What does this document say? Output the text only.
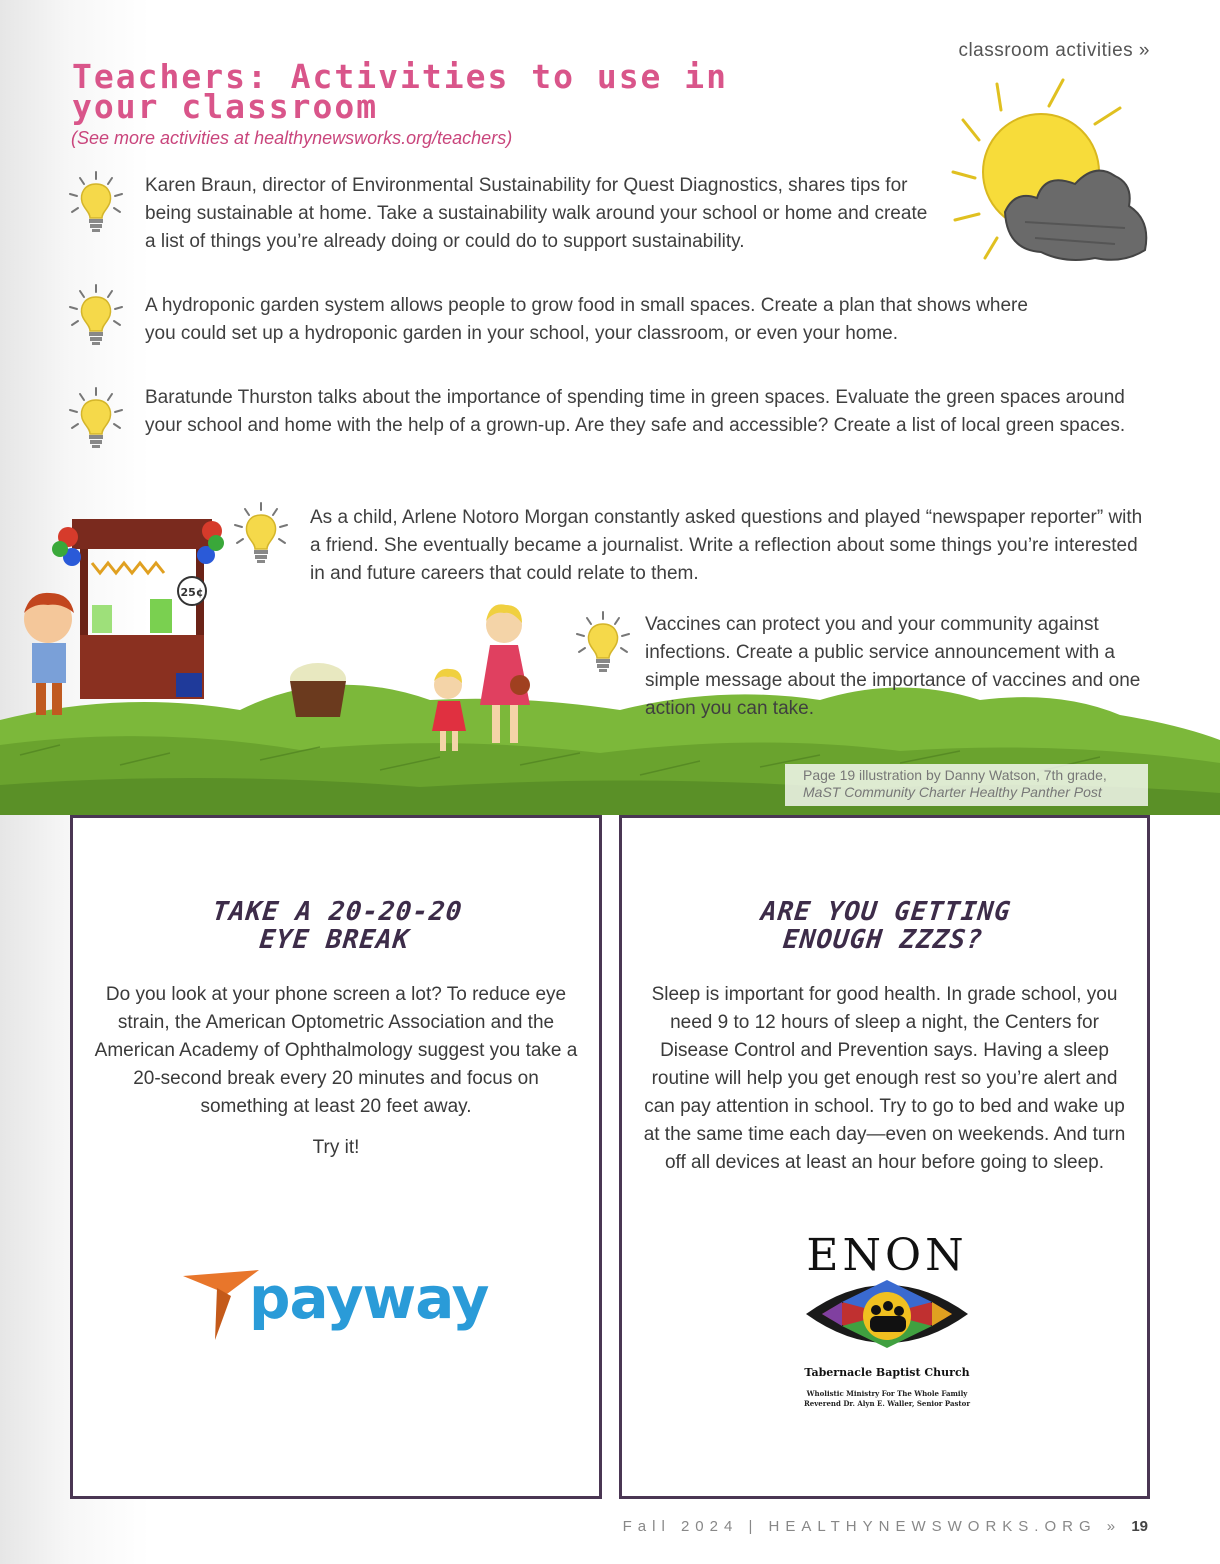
classroom activities »
Teachers: Activities to use in your classroom
(See more activities at healthynewsworks.org/teachers)
Karen Braun, director of Environmental Sustainability for Quest Diagnostics, shares tips for being sustainable at home. Take a sustainability walk around your school or home and create a list of things you’re already doing or could do to support sustainability.
A hydroponic garden system allows people to grow food in small spaces. Create a plan that shows where you could set up a hydroponic garden in your school, your classroom, or even your home.
Baratunde Thurston talks about the importance of spending time in green spaces. Evaluate the green spaces around your school and home with the help of a grown-up. Are they safe and accessible? Create a list of local green spaces.
25¢
As a child, Arlene Notoro Morgan constantly asked questions and played “newspaper reporter” with a friend. She eventually became a journalist. Write a reflection about some things you’re interested in and future careers that could relate to them.
Vaccines can protect you and your community against infections. Create a public service announcement with a simple message about the importance of vaccines and one action you can take.
Page 19 illustration by Danny Watson, 7th grade,
MaST Community Charter Healthy Panther Post
TAKE A 20-20-20
EYE BREAK
Do you look at your phone screen a lot? To reduce eye strain, the American Optometric Association and the American Academy of Ophthalmology suggest you take a 20-second break every 20 minutes and focus on something at least 20 feet away.
Try it!
payway
ARE YOU GETTING
ENOUGH ZZZS?
Sleep is important for good health. In grade school, you need 9 to 12 hours of sleep a night, the Centers for Disease Control and Prevention says. Having a sleep routine will help you get enough rest so you’re alert and can pay attention in school. Try to go to bed and wake up at the same time each day—even on weekends. And turn off all devices at least an hour before going to sleep.
ENON
Tabernacle Baptist Church
Wholistic Ministry For The Whole Family
Reverend Dr. Alyn E. Waller, Senior Pastor
Fall 2024 | HEALTHYNEWSWORKS.ORG » 19
